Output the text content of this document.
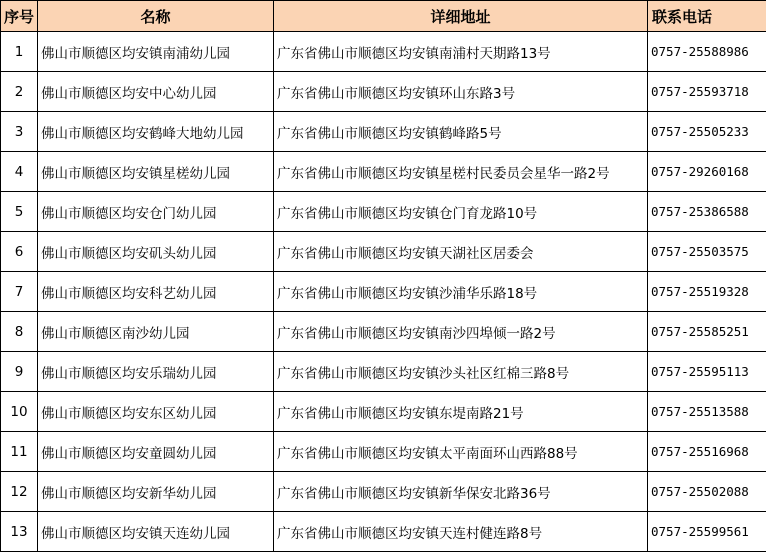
序号	名称	详细地址	联系电话
1	佛山市顺德区均安镇南浦幼儿园	广东省佛山市顺德区均安镇南浦村天期路13号	0757-25588986
2	佛山市顺德区均安中心幼儿园	广东省佛山市顺德区均安镇环山东路3号	0757-25593718
3	佛山市顺德区均安鹤峰大地幼儿园	广东省佛山市顺德区均安镇鹤峰路5号	0757-25505233
4	佛山市顺德区均安镇星槎幼儿园	广东省佛山市顺德区均安镇星槎村民委员会星华一路2号	0757-29260168
5	佛山市顺德区均安仓门幼儿园	广东省佛山市顺德区均安镇仓门育龙路10号	0757-25386588
6	佛山市顺德区均安矶头幼儿园	广东省佛山市顺德区均安镇天湖社区居委会	0757-25503575
7	佛山市顺德区均安科艺幼儿园	广东省佛山市顺德区均安镇沙浦华乐路18号	0757-25519328
8	佛山市顺德区南沙幼儿园	广东省佛山市顺德区均安镇南沙四埠倾一路2号	0757-25585251
9	佛山市顺德区均安乐瑞幼儿园	广东省佛山市顺德区均安镇沙头社区红棉三路8号	0757-25595113
10	佛山市顺德区均安东区幼儿园	广东省佛山市顺德区均安镇东堤南路21号	0757-25513588
11	佛山市顺德区均安童圆幼儿园	广东省佛山市顺德区均安镇太平南面环山西路88号	0757-25516968
12	佛山市顺德区均安新华幼儿园	广东省佛山市顺德区均安镇新华保安北路36号	0757-25502088
13	佛山市顺德区均安镇天连幼儿园	广东省佛山市顺德区均安镇天连村健连路8号	0757-25599561
